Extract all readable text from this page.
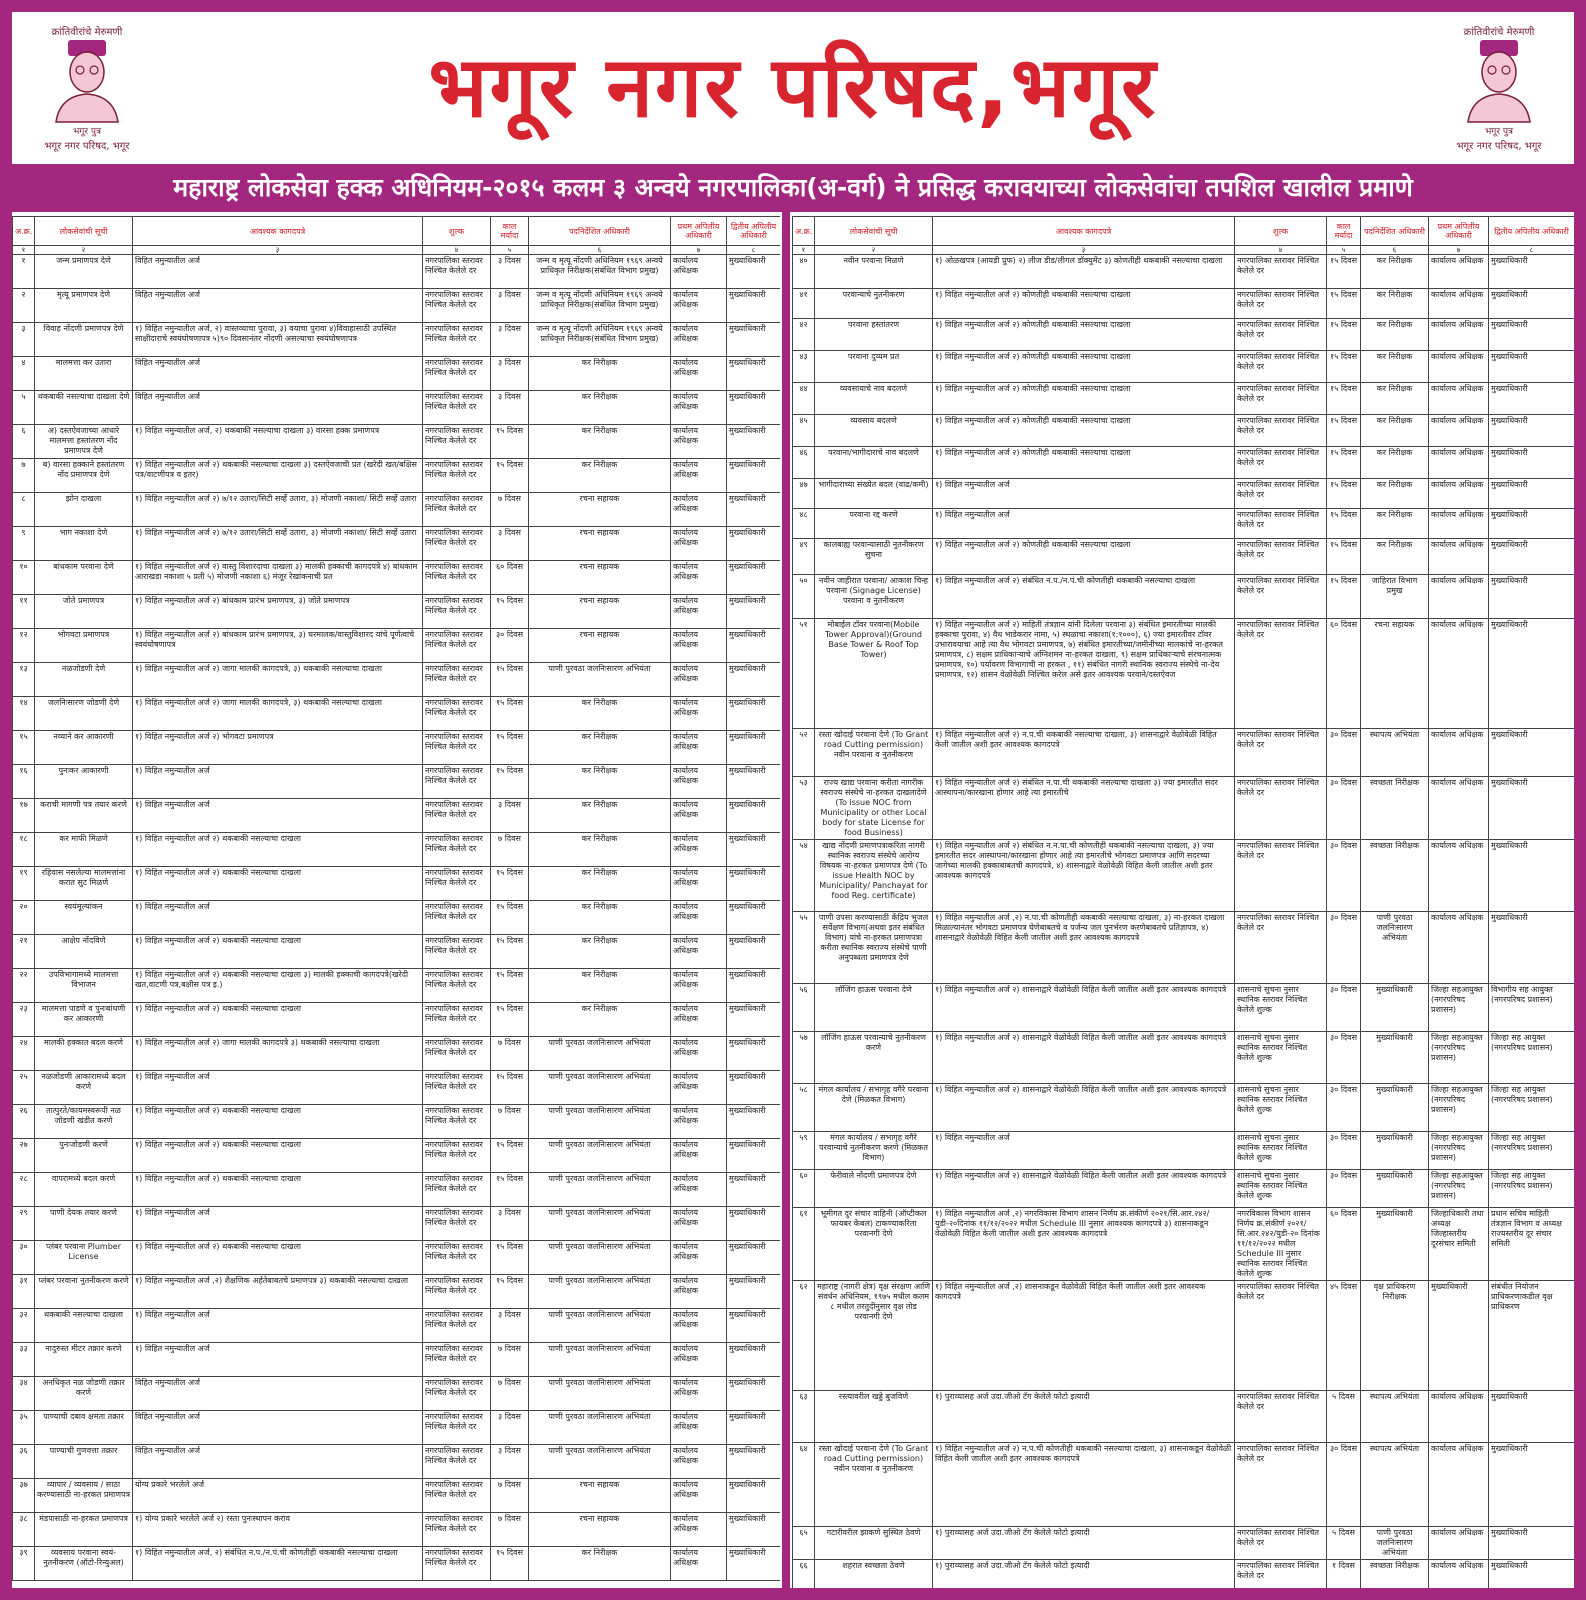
क्रांतिवीरांचे मेरुमणी
भगूर पुत्र
भगूर नगर परिषद, भगूर
भगूर नगर परिषद,भगूर
क्रांतिवीरांचे मेरुमणी
भगूर पुत्र
भगूर नगर परिषद, भगूर
महाराष्ट्र लोकसेवा हक्क अधिनियम-२०१५ कलम ३ अन्वये नगरपालिका(अ-वर्ग) ने प्रसिद्ध करावयाच्या लोकसेवांचा तपशिल खालील प्रमाणे
अ.क्र.	लोकसेवांची सूची	आवश्यक कागदपत्रे	शुल्क	काल मर्यादा	पदनिर्देशित अधिकारी	प्रथम अपिलीय अधिकारी	द्वितीय अपिलीय अधिकारी
१	२	३	४	५	६	७	८
१	जन्म प्रमाणपत्र देणे	विहित नमुन्यातील अर्ज	नगरपालिका स्तरावर निश्चित केलेले दर	३ दिवस	जन्म व मृत्यू नोंदणी अधिनियम १९६९ अन्वये प्राधिकृत निरीक्षक(संबंधित विभाग प्रमुख)	कार्यालय अधिक्षक	मुख्याधिकारी
२	मृत्यू प्रमाणपत्र देणे	विहित नमुन्यातील अर्ज	नगरपालिका स्तरावर निश्चित केलेले दर	३ दिवस	जन्म व मृत्यू नोंदणी अधिनियम १९६९ अन्वये प्राधिकृत निरीक्षक(संबंधित विभाग प्रमुख)	कार्यालय अधिक्षक	मुख्याधिकारी
३	विवाह नोंदणी प्रमाणपत्र देणे	१) विहित नमुन्यातील अर्ज, २) वास्तव्याचा पुरावा, ३) वयाचा पुरावा ४)विवाहासाठी उपस्थित साक्षीदाराचे स्वयंघोषणापत्र ५)९० दिवसानंतर नोंदणी असल्याचा स्वयंघोषणापत्र	नगरपालिका स्तरावर निश्चित केलेले दर	३ दिवस	जन्म व मृत्यू नोंदणी अधिनियम १९६९ अन्वये प्राधिकृत निरीक्षक(संबंधित विभाग प्रमुख)	कार्यालय अधिक्षक	मुख्याधिकारी
४	मालमत्ता कर उतारा	विहित नमुन्यातील अर्ज	नगरपालिका स्तरावर निश्चित केलेले दर	३ दिवस	कर निरीक्षक	कार्यालय अधिक्षक	मुख्याधिकारी
५	थकबाकी नसल्याचा दाखला देणे	विहित नमुन्यातील अर्ज	नगरपालिका स्तरावर निश्चित केलेले दर	३ दिवस	कर निरीक्षक	कार्यालय अधिक्षक	मुख्याधिकारी
६	अ) दस्तऐवजाच्या आधारे मालमत्ता हस्तांतरण नोंद प्रमाणपत्र देणे	१) विहित नमुन्यातील अर्ज, २) थकबाकी नसल्याचा दाखला ३) वारसा हक्क प्रमाणपत्र	नगरपालिका स्तरावर निश्चित केलेले दर	१५ दिवस	कर निरीक्षक	कार्यालय अधिक्षक	मुख्याधिकारी
७	ब) वारसा हक्काने हस्तांतरण नोंद प्रमाणपत्र देणे	१) विहित नमुन्यातील अर्ज २) थकबाकी नसल्याचा दाखला ३) दस्तऐवजाची प्रत (खरेदी खत/बक्षिस पत्र/वाटणीपत्र व इतर)	नगरपालिका स्तरावर निश्चित केलेले दर	१५ दिवस	कर निरीक्षक	कार्यालय अधिक्षक	मुख्याधिकारी
८	झोन दाखला	१) विहित नमुन्यातील अर्ज २) ७/१२ उतारा/सिटी सर्व्हे उतारा, ३) मोजणी नकाशा/ सिटी सर्व्हे उतारा	नगरपालिका स्तरावर निश्चित केलेले दर	७ दिवस	रचना सहायक	कार्यालय अधिक्षक	मुख्याधिकारी
९	भाग नकाशा देणे	१) विहित नमुन्यातील अर्ज २) ७/१२ उतारा/सिटी सर्व्हे उतारा, ३) मोजणी नकाशा/ सिटी सर्व्हे उतारा	नगरपालिका स्तरावर निश्चित केलेले दर	३ दिवस	रचना सहायक	कार्यालय अधिक्षक	मुख्याधिकारी
१०	बांधकाम परवाना देणे	१) विहित नमुन्यातील अर्ज २) वास्तु विशारदाचा दाखला ३) मालकी हक्काची कागदपत्रे ४) बांधकाम आराखडा नकाशा ५ प्रती ५) मोजणी नकाशा ६) मंजूर रेखांकनाची प्रत	नगरपालिका स्तरावर निश्चित केलेले दर	६० दिवस	रचना सहायक	कार्यालय अधिक्षक	मुख्याधिकारी
११	जोते प्रमाणपत्र	१) विहित नमुन्यातील अर्ज २) बांधकाम प्रारंभ प्रमाणपत्र, ३) जोते प्रमाणपत्र	नगरपालिका स्तरावर निश्चित केलेले दर	१५ दिवस	रचना सहायक	कार्यालय अधिक्षक	मुख्याधिकारी
१२	भोगवटा प्रमाणपत्र	१) विहित नमुन्यातील अर्ज २) बांधकाम प्रारंभ प्रमाणपत्र, ३) घरमालक/वास्तुविशारद यांचे पूर्णत्वाचे स्वयंघोषणापत्र	नगरपालिका स्तरावर निश्चित केलेले दर	३० दिवस	रचना सहायक	कार्यालय अधिक्षक	मुख्याधिकारी
१३	नळजोडणी देणे	१) विहित नमुन्यातील अर्ज २) जागा मालकी कागदपत्रे, ३) थकबाकी नसल्याचा दाखला	नगरपालिका स्तरावर निश्चित केलेले दर	१५ दिवस	पाणी पुरवठा जलनिःसारण अभियंता	कार्यालय अधिक्षक	मुख्याधिकारी
१४	जलनिःसारण जोडणी देणे	१) विहित नमुन्यातील अर्ज २) जागा मालकी कागदपत्रे, ३) थकबाकी नसल्याचा दाखला	नगरपालिका स्तरावर निश्चित केलेले दर	१५ दिवस	कर निरीक्षक	कार्यालय अधिक्षक	मुख्याधिकारी
१५	नव्याने कर आकारणी	१) विहित नमुन्यातील अर्ज २) भोगवटा प्रमाणपत्र	नगरपालिका स्तरावर निश्चित केलेले दर	१५ दिवस	कर निरीक्षक	कार्यालय अधिक्षक	मुख्याधिकारी
१६	पुनःकर आकारणी	१) विहित नमुन्यातील अर्ज	नगरपालिका स्तरावर निश्चित केलेले दर	१५ दिवस	कर निरीक्षक	कार्यालय अधिक्षक	मुख्याधिकारी
१७	कराची मागणी पत्र तयार करणे	१) विहित नमुन्यातील अर्ज	नगरपालिका स्तरावर निश्चित केलेले दर	३ दिवस	कर निरीक्षक	कार्यालय अधिक्षक	मुख्याधिकारी
१८	कर माफी मिळणे	१) विहित नमुन्यातील अर्ज २) थकबाकी नसल्याचा दाखला	नगरपालिका स्तरावर निश्चित केलेले दर	७ दिवस	कर निरीक्षक	कार्यालय अधिक्षक	मुख्याधिकारी
१९	रहिवास नसलेल्या मालमत्तांना करात सुट मिळणे	१) विहित नमुन्यातील अर्ज २) थकबाकी नसल्याचा दाखला	नगरपालिका स्तरावर निश्चित केलेले दर	१५ दिवस	कर निरीक्षक	कार्यालय अधिक्षक	मुख्याधिकारी
२०	स्वयंमूल्यांकन	१) विहित नमुन्यातील अर्ज	नगरपालिका स्तरावर निश्चित केलेले दर	१५ दिवस	कर निरीक्षक	कार्यालय अधिक्षक	मुख्याधिकारी
२१	आक्षेप नोंदविणे	१) विहित नमुन्यातील अर्ज २) थकबाकी नसल्याचा दाखला	नगरपालिका स्तरावर निश्चित केलेले दर	१५ दिवस	कर निरीक्षक	कार्यालय अधिक्षक	मुख्याधिकारी
२२	उपविभागामध्ये मालमत्ता विभाजन	१) विहित नमुन्यातील अर्ज २) थकबाकी नसल्याचा दाखला ३) मालकी हक्काची कागदपत्रे(खरेदी खत,वाटणी पत्र,बक्षीस पत्र इ.)	नगरपालिका स्तरावर निश्चित केलेले दर	१५ दिवस	कर निरीक्षक	कार्यालय अधिक्षक	मुख्याधिकारी
२३	मालमत्ता पाडणे व पुनःबांधणी कर आकारणी	१) विहित नमुन्यातील अर्ज २) थकबाकी नसल्याचा दाखला	नगरपालिका स्तरावर निश्चित केलेले दर	१५ दिवस	कर निरीक्षक	कार्यालय अधिक्षक	मुख्याधिकारी
२४	मालकी हक्कात बदल करणे	१) विहित नमुन्यातील अर्ज २) जागा मालकी कागदपत्रे ३) थकबाकी नसल्याचा दाखला	नगरपालिका स्तरावर निश्चित केलेले दर	७ दिवस	पाणी पुरवठा जलनिःसारण अभियंता	कार्यालय अधिक्षक	मुख्याधिकारी
२५	नळजोडणी आकारामध्ये बदल करणे	१) विहित नमुन्यातील अर्ज	नगरपालिका स्तरावर निश्चित केलेले दर	१५ दिवस	पाणी पुरवठा जलनिःसारण अभियंता	कार्यालय अधिक्षक	मुख्याधिकारी
२६	तात्पुरते/कायमस्वरूपी नळ जोडणी खंडीत करणे	१) विहित नमुन्यातील अर्ज २) थकबाकी नसल्याचा दाखला	नगरपालिका स्तरावर निश्चित केलेले दर	७ दिवस	पाणी पुरवठा जलनिःसारण अभियंता	कार्यालय अधिक्षक	मुख्याधिकारी
२७	पुनःजोडणी करणे	१) विहित नमुन्यातील अर्ज २) थकबाकी नसल्याचा दाखला	नगरपालिका स्तरावर निश्चित केलेले दर	१५ दिवस	पाणी पुरवठा जलनिःसारण अभियंता	कार्यालय अधिक्षक	मुख्याधिकारी
२८	वापरामध्ये बदल करणे	१) विहित नमुन्यातील अर्ज २) थकबाकी नसल्याचा दाखला	नगरपालिका स्तरावर निश्चित केलेले दर	१५ दिवस	पाणी पुरवठा जलनिःसारण अभियंता	कार्यालय अधिक्षक	मुख्याधिकारी
२९	पाणी देयक तयार करणे	१) विहित नमुन्यातील अर्ज	नगरपालिका स्तरावर निश्चित केलेले दर	३ दिवस	पाणी पुरवठा जलनिःसारण अभियंता	कार्यालय अधिक्षक	मुख्याधिकारी
३०	प्लंबर परवाना Plumber License	१) विहित नमुन्यातील अर्ज २) थकबाकी नसल्याचा दाखला	नगरपालिका स्तरावर निश्चित केलेले दर	१५ दिवस	पाणी पुरवठा जलनिःसारण अभियंता	कार्यालय अधिक्षक	मुख्याधिकारी
३१	प्लंबर परवाना नुतनीकरण करणे	१) विहित नमुन्यातील अर्ज ,२) शैक्षणिक अर्हतेबाबतचे प्रमाणपत्र ३) थकबाकी नसल्याचा दाखला	नगरपालिका स्तरावर निश्चित केलेले दर	१५ दिवस	पाणी पुरवठा जलनिःसारण अभियंता	कार्यालय अधिक्षक	मुख्याधिकारी
३२	थकबाकी नसल्याचा दाखला	१) विहित नमुन्यातील अर्ज	नगरपालिका स्तरावर निश्चित केलेले दर	३ दिवस	पाणी पुरवठा जलनिःसारण अभियंता	कार्यालय अधिक्षक	मुख्याधिकारी
३३	नादुरुस्त मीटर तक्रार करणे	१) विहित नमुन्यातील अर्ज	नगरपालिका स्तरावर निश्चित केलेले दर	७ दिवस	पाणी पुरवठा जलनिःसारण अभियंता	कार्यालय अधिक्षक	मुख्याधिकारी
३४	अनधिकृत नळ जोडणी तक्रार करणे	विहित नमुन्यातील अर्ज	नगरपालिका स्तरावर निश्चित केलेले दर	७ दिवस	पाणी पुरवठा जलनिःसारण अभियंता	कार्यालय अधिक्षक	मुख्याधिकारी
३५	पाण्याची दबाव क्षमता तक्रार	विहित नमुन्यातील अर्ज	नगरपालिका स्तरावर निश्चित केलेले दर	३ दिवस	पाणी पुरवठा जलनिःसारण अभियंता	कार्यालय अधिक्षक	मुख्याधिकारी
३६	पाण्याची गुणवत्ता तक्रार	विहित नमुन्यातील अर्ज	नगरपालिका स्तरावर निश्चित केलेले दर	३ दिवस	पाणी पुरवठा जलनिःसारण अभियंता	कार्यालय अधिक्षक	मुख्याधिकारी
३७	व्यापार / व्यवसाय / साठा करण्यासाठी ना-हरकत प्रमाणपत्र	योग्य प्रकारे भरलेले अर्ज	नगरपालिका स्तरावर निश्चित केलेले दर	७ दिवस	रचना सहायक	कार्यालय अधिक्षक	मुख्याधिकारी
३८	मंडपासाठी ना-हरकत प्रमाणपत्र	१) योग्य प्रकारे भरलेले अर्ज २) रस्ता पुनःस्थापन कराव	नगरपालिका स्तरावर निश्चित केलेले दर	७ दिवस	रचना सहायक	कार्यालय अधिक्षक	मुख्याधिकारी
३९	व्यवसाय परवाना स्वयं-नुतनीकरण (ऑटो-रिन्युअल)	१) विहित नमुन्यातील अर्ज, २) संबंधित न.प./न.पं.ची कोणतीही थकबाकी नसल्याचा दाखला	नगरपालिका स्तरावर निश्चित केलेले दर	१५ दिवस	कर निरीक्षक	कार्यालय अधिक्षक	मुख्याधिकारी
अ.क्र.	लोकसेवांची सूची	आवश्यक कागदपत्रे	शुल्क	काल मर्यादा	पदनिर्देशित अधिकारी	प्रथम अपिलीय अधिकारी	द्वितीय अपिलीय अधिकारी
१	२	३	४	५	६	७	८
४०	नवीन परवाना मिळणे	१) ओळखपत्र (आयडी प्रुफ) २) लीज डीड/लीगल डॉक्युमेंट ३) कोणतीही थकबाकी नसल्याचा दाखला	नगरपालिका स्तरावर निश्चित केलेले दर	१५ दिवस	कर निरीक्षक	कार्यालय अधिक्षक	मुख्याधिकारी
४१	परवान्याचे नुतनीकरण	१) विहित नमुन्यातील अर्ज २) कोणतीही थकबाकी नसल्याचा दाखला	नगरपालिका स्तरावर निश्चित केलेले दर	१५ दिवस	कर निरीक्षक	कार्यालय अधिक्षक	मुख्याधिकारी
४२	परवाना हस्तांतरण	१) विहित नमुन्यातील अर्ज २) कोणतीही थकबाकी नसल्याचा दाखला	नगरपालिका स्तरावर निश्चित केलेले दर	१५ दिवस	कर निरीक्षक	कार्यालय अधिक्षक	मुख्याधिकारी
४३	परवाना दुय्यम प्रत	१) विहित नमुन्यातील अर्ज २) कोणतीही थकबाकी नसल्याचा दाखला	नगरपालिका स्तरावर निश्चित केलेले दर	१५ दिवस	कर निरीक्षक	कार्यालय अधिक्षक	मुख्याधिकारी
४४	व्यवसायाचे नाव बदलणे	१) विहित नमुन्यातील अर्ज २) कोणतीही थकबाकी नसल्याचा दाखला	नगरपालिका स्तरावर निश्चित केलेले दर	१५ दिवस	कर निरीक्षक	कार्यालय अधिक्षक	मुख्याधिकारी
४५	व्यवसाय बदलणे	१) विहित नमुन्यातील अर्ज २) कोणतीही थकबाकी नसल्याचा दाखला	नगरपालिका स्तरावर निश्चित केलेले दर	१५ दिवस	कर निरीक्षक	कार्यालय अधिक्षक	मुख्याधिकारी
४६	परवाना/भागीदाराचे नाव बदलणे	१) विहित नमुन्यातील अर्ज २) कोणतीही थकबाकी नसल्याचा दाखला	नगरपालिका स्तरावर निश्चित केलेले दर	१५ दिवस	कर निरीक्षक	कार्यालय अधिक्षक	मुख्याधिकारी
४७	भागीदाराच्या संख्येत बदल (वाढ/कमी)	१) विहित नमुन्यातील अर्ज	नगरपालिका स्तरावर निश्चित केलेले दर	१५ दिवस	कर निरीक्षक	कार्यालय अधिक्षक	मुख्याधिकारी
४८	परवाना रद्द करणे	१) विहित नमुन्यातील अर्ज	नगरपालिका स्तरावर निश्चित केलेले दर	१५ दिवस	कर निरीक्षक	कार्यालय अधिक्षक	मुख्याधिकारी
४९	कालबाह्य परवान्यासाठी नुतनीकरण सुचना	१) विहित नमुन्यातील अर्ज २) कोणतीही थकबाकी नसल्याचा दाखला	नगरपालिका स्तरावर निश्चित केलेले दर	१५ दिवस	कर निरीक्षक	कार्यालय अधिक्षक	मुख्याधिकारी
५०	नवीन जाहीरात परवाना/ आकाश चिन्ह परवाना (Signage License) परवाना व नुतनीकरण	१) विहित नमुन्यातील अर्ज २) संबंधित न.प./न.पं.ची कोणतीही थकबाकी नसल्याचा दाखला	नगरपालिका स्तरावर निश्चित केलेले दर	१५ दिवस	जाहिरात विभाग प्रमुख	कार्यालय अधिक्षक	मुख्याधिकारी
५१	मोबाईल टॉवर परवाना(Mobile Tower Approval)(Ground Base Tower & Roof Top Tower)	१) विहित नमुन्यातील अर्ज २) माहिती तंत्रज्ञान यांनी दिलेला परवाना ३) संबंधित इमारतीच्या मालकी हक्काचा पुरावा, ४) वैध भाडेकरार नामा, ५) स्थळाचा नकाशा(१:१०००), ६) ज्या इमारतीवर टॉवर उभारावयाचा आहे त्या वैध भोगवटा प्रमाणपत्र, ७) संबंधित इमारतीच्या/जमीनीच्या मालकांचे ना-हरकत प्रमाणपत्र, ८) सक्षम प्राधिकाऱ्याचे अग्निशमन ना-हरकत दाखला, ९) सक्षम प्राधिकाऱ्याचे संरचनात्मक प्रमाणपत्र, १०) पर्यावरण विभागाची ना हरकत , ११) संबंधित नागरी स्थानिक स्वराज्य संस्थेचे ना-देय प्रमाणपत्र, १२) शासन वेळोवेळी निश्चित करेल असे इतर आवश्यक परवाने/दस्तऐवज	नगरपालिका स्तरावर निश्चित केलेले दर	६० दिवस	रचना सहायक	कार्यालय अधिक्षक	मुख्याधिकारी
५२	रस्ता खोदाई परवाना देणे (To Grant road Cutting permission) नवीन परवाना व नुतनीकरण	१) विहित नमुन्यातील अर्ज २) न.प.ची थकबाकी नसल्याचा दाखला, ३) शासनाद्वारे वेळोवेळी विहित केली जातील अशी इतर आवश्यक कागदपत्रे	नगरपालिका स्तरावर निश्चित केलेले दर	३० दिवस	स्थापत्य अभियंता	कार्यालय अधिक्षक	मुख्याधिकारी
५३	राज्य खाद्य परवाना करीता नागरीक स्वराज्य संस्थेचे ना-हरकत दाखलादेणे (To issue NOC from Municipality or other Local body for state License for food Business)	१) विहित नमुन्यातील अर्ज २) संबंधित न.पा.ची थकबाकी नसल्याचा दाखला ३) ज्या इमारतीत सदर आस्थापना/कारखाना होणार आहे त्या इमारतीचे	नगरपालिका स्तरावर निश्चित केलेले दर	३० दिवस	स्वच्छता निरीक्षक	कार्यालय अधिक्षक	मुख्याधिकारी
५४	खाद्य नोंदणी प्रमाणपत्राकरिता नागरी स्थानिक स्वराज्य संस्थेचे आरोग्य विषयक ना-हरकत प्रमाणपत्र देणे (To issue Health NOC by Municipality/ Panchayat for food Reg. certificate)	१) विहित नमुन्यातील अर्ज २) संबंधित न.न.पा.ची कोणतीही थकबाकी नसल्याचा दाखला, ३) ज्या इमारतीत सदर आस्थापना/कारखाना होणार आहे त्या इमारतीचे भोगवटा प्रमाणपत्र आणि सदरच्या जागेच्या मालकी हक्काबाबतची कागदपत्रे, ४) शासनाद्वारे वेळोवेळी विहित केली जातील अशी इतर आवश्यक कागदपत्रे	नगरपालिका स्तरावर निश्चित केलेले दर	३० दिवस	स्वच्छता निरीक्षक	कार्यालय अधिक्षक	मुख्याधिकारी
५५	पाणी उपसा करण्यासाठी केंद्रिय भुजल सर्वेक्षण विभाग(अथवा इतर संबंधित विभाग) यांचे ना-हरकत प्रमाणपत्रा करीता स्थानिक स्वराज्य संस्थेचे पाणी अनुपब्धता प्रमाणपत्र देणे	१) विहित नमुन्यातील अर्ज ,२) न.पा.ची कोणतीही थकबाकी नसल्याचा दाखला, ३) ना-हरकत दाखला मिळाल्यानंतर भोगवटा प्रमाणपत्र घेणेबाबतचे व पर्जन्य जल पुनर्भरण करणेबाबतचे प्रतिज्ञापत्र, ४) शासनाद्वारे वेळोवेळी विहित केली जातील अशी इतर आवश्यक कागदपत्रे	नगरपालिका स्तरावर निश्चित केलेले दर	३० दिवस	पाणी पुरवठा जलनिःसारण अभियंता	कार्यालय अधिक्षक	मुख्याधिकारी
५६	लॉजिंग हाऊस परवाना देणे	१) विहित नमुन्यातील अर्ज २) शासनाद्वारे वेळोवेळी विहित केली जातील अशी इतर आवश्यक कागदपत्रे	शासनाचे सुचना नुसार स्थानिक स्तरावर निश्चित केलेले शुल्क	३० दिवस	मुख्याधिकारी	जिल्हा सहआयुक्त (नगरपरिषद प्रशासन)	विभागीय सह आयुक्त (नगरपरिषद प्रशासन)
५७	लॉजिंग हाऊस परवान्याचे नुतनीकरण करणे	१) विहित नमुन्यातील अर्ज २) शासनाद्वारे वेळोवेळी विहित केली जातील अशी इतर आवश्यक कागदपत्रे	शासनाचे सुचना नुसार स्थानिक स्तरावर निश्चित केलेले शुल्क	३० दिवस	मुख्याधिकारी	जिल्हा सहआयुक्त (नगरपरिषद प्रशासन)	जिल्हा सह आयुक्त (नगरपरिषद प्रशासन)
५८	मंगल कार्यालय / सभागृह वगैरे परवाना देणे (मिळकत विभाग)	१) विहित नमुन्यातील अर्ज २) शासनाद्वारे वेळोवेळी विहित केली जातील अशी इतर आवश्यक कागदपत्रे	शासनाचे सुचना नुसार स्थानिक स्तरावर निश्चित केलेले शुल्क	३० दिवस	मुख्याधिकारी	जिल्हा सहआयुक्त (नगरपरिषद प्रशासन)	जिल्हा सह आयुक्त (नगरपरिषद प्रशासन)
५९	मंगल कार्यालय / सभागृह वगैरे परवान्याचे नुतनीकरण करणे (मिळकत विभाग)	१) विहित नमुन्यातील अर्ज	शासनाचे सुचना नुसार स्थानिक स्तरावर निश्चित केलेले शुल्क	३० दिवस	मुख्याधिकारी	जिल्हा सहआयुक्त (नगरपरिषद प्रशासन)	जिल्हा सह आयुक्त (नगरपरिषद प्रशासन)
६०	फेरीवाले नोंदणी प्रमाणपत्र देणे	१) विहित नमुन्यातील अर्ज २) शासनाद्वारे वेळोवेळी विहित केली जातील अशी इतर आवश्यक कागदपत्रे	शासनाचे सुचना नुसार स्थानिक स्तरावर निश्चित केलेले शुल्क	३० दिवस	मुख्याधिकारी	जिल्हा सहआयुक्त (नगरपरिषद प्रशासन)	जिल्हा सह आयुक्त (नगरपरिषद प्रशासन)
६१	भूमीगत दुर संचार वाहिनी (ऑप्टीकल फायबर केबल) टाकण्याकरिता परवानगी देणे	१) विहित नमुन्यातील अर्ज ,२) नगरविकास विभाग शासन निर्णय क्र.संकीर्ण २०२१/सि.आर.२४२/युडी-२०दिनांक ११/१२/२०२२ मधील Schedule III नुसार आवश्यक कागदपत्रे ३) शासनाकडून वेळोवेळी विहित केली जातील अशी इतर आवश्यक कागदपत्रे	नगरविकास विभाग शासन निर्णय क्र.संकीर्ण २०२१/ सि.आर.२४२/युडी-२० दिनांक ११/१२/२०२२ मधील Schedule III नुसार स्थानिक स्तरावर निश्चित केलेले शुल्क	६० दिवस	मुख्याधिकारी	जिल्हाधिकारी तथा अध्यक्ष जिल्हास्तरीय दूरसंचार समिती	प्रधान सचिव माहिती तंत्रज्ञान विभाग व अध्यक्ष राज्यस्तरीय दूर संचार समिती
६२	महाराष्ट्र (नागरी क्षेत्र) वृक्ष संरक्षण आणि संवर्धन अधिनियम, १९७५ मधील कलम ८ मधील तरतुदीनुसार वृक्ष तोड परवानगी देणे	१) विहित नमुन्यातील अर्ज ,२) शासनाकडून वेळोवेळी विहित केली जातील अशी इतर आवश्यक कागदपत्रे	नगरपालिका स्तरावर निश्चित केलेले दर	४५ दिवस	वृक्ष प्राधिकरण निरीक्षक	मुख्याधिकारी	संबंधीत नियोजन प्राधिकरणाकडील वृक्ष प्राधिकरण
६३	रस्त्यावरील खड्डे बुजविणे	१) पुराव्यासह अर्ज उदा.जीओ टॅग केलेले फोटो इत्यादी	नगरपालिका स्तरावर निश्चित केलेले दर	५ दिवस	स्थापत्य अभियंता	कार्यालय अधिक्षक	मुख्याधिकारी
६४	रस्ता खोदाई परवाना देणे (To Grant road Cutting permission) नवीन परवाना व नुतनीकरण	१) विहित नमुन्यातील अर्ज २) न.प.ची कोणतीही थकबाकी नसल्याचा दाखला, ३) शासनाकडून वेळोवेळी विहित केली जातील अशी इतर आवश्यक कागदपत्रे	नगरपालिका स्तरावर निश्चित केलेले दर	३० दिवस	स्थापत्य अभियंता	कार्यालय अधिक्षक	मुख्याधिकारी
६५	गटारीवरील झाकणे सुस्थित ठेवणे	१) पुराव्यासह अर्ज उदा.जीओ टॅग केलेले फोटो इत्यादी	नगरपालिका स्तरावर निश्चित केलेले दर	५ दिवस	पाणी पुरवठा जलनिःसारण अभियंता	कार्यालय अधिक्षक	मुख्याधिकारी
६६	शहरात स्वच्छता ठेवणे	१) पुराव्यासह अर्ज उदा.जीओ टॅग केलेले फोटो इत्यादी	नगरपालिका स्तरावर निश्चित केलेले दर	१ दिवस	स्वच्छता निरीक्षक	कार्यालय अधिक्षक	मुख्याधिकारी
